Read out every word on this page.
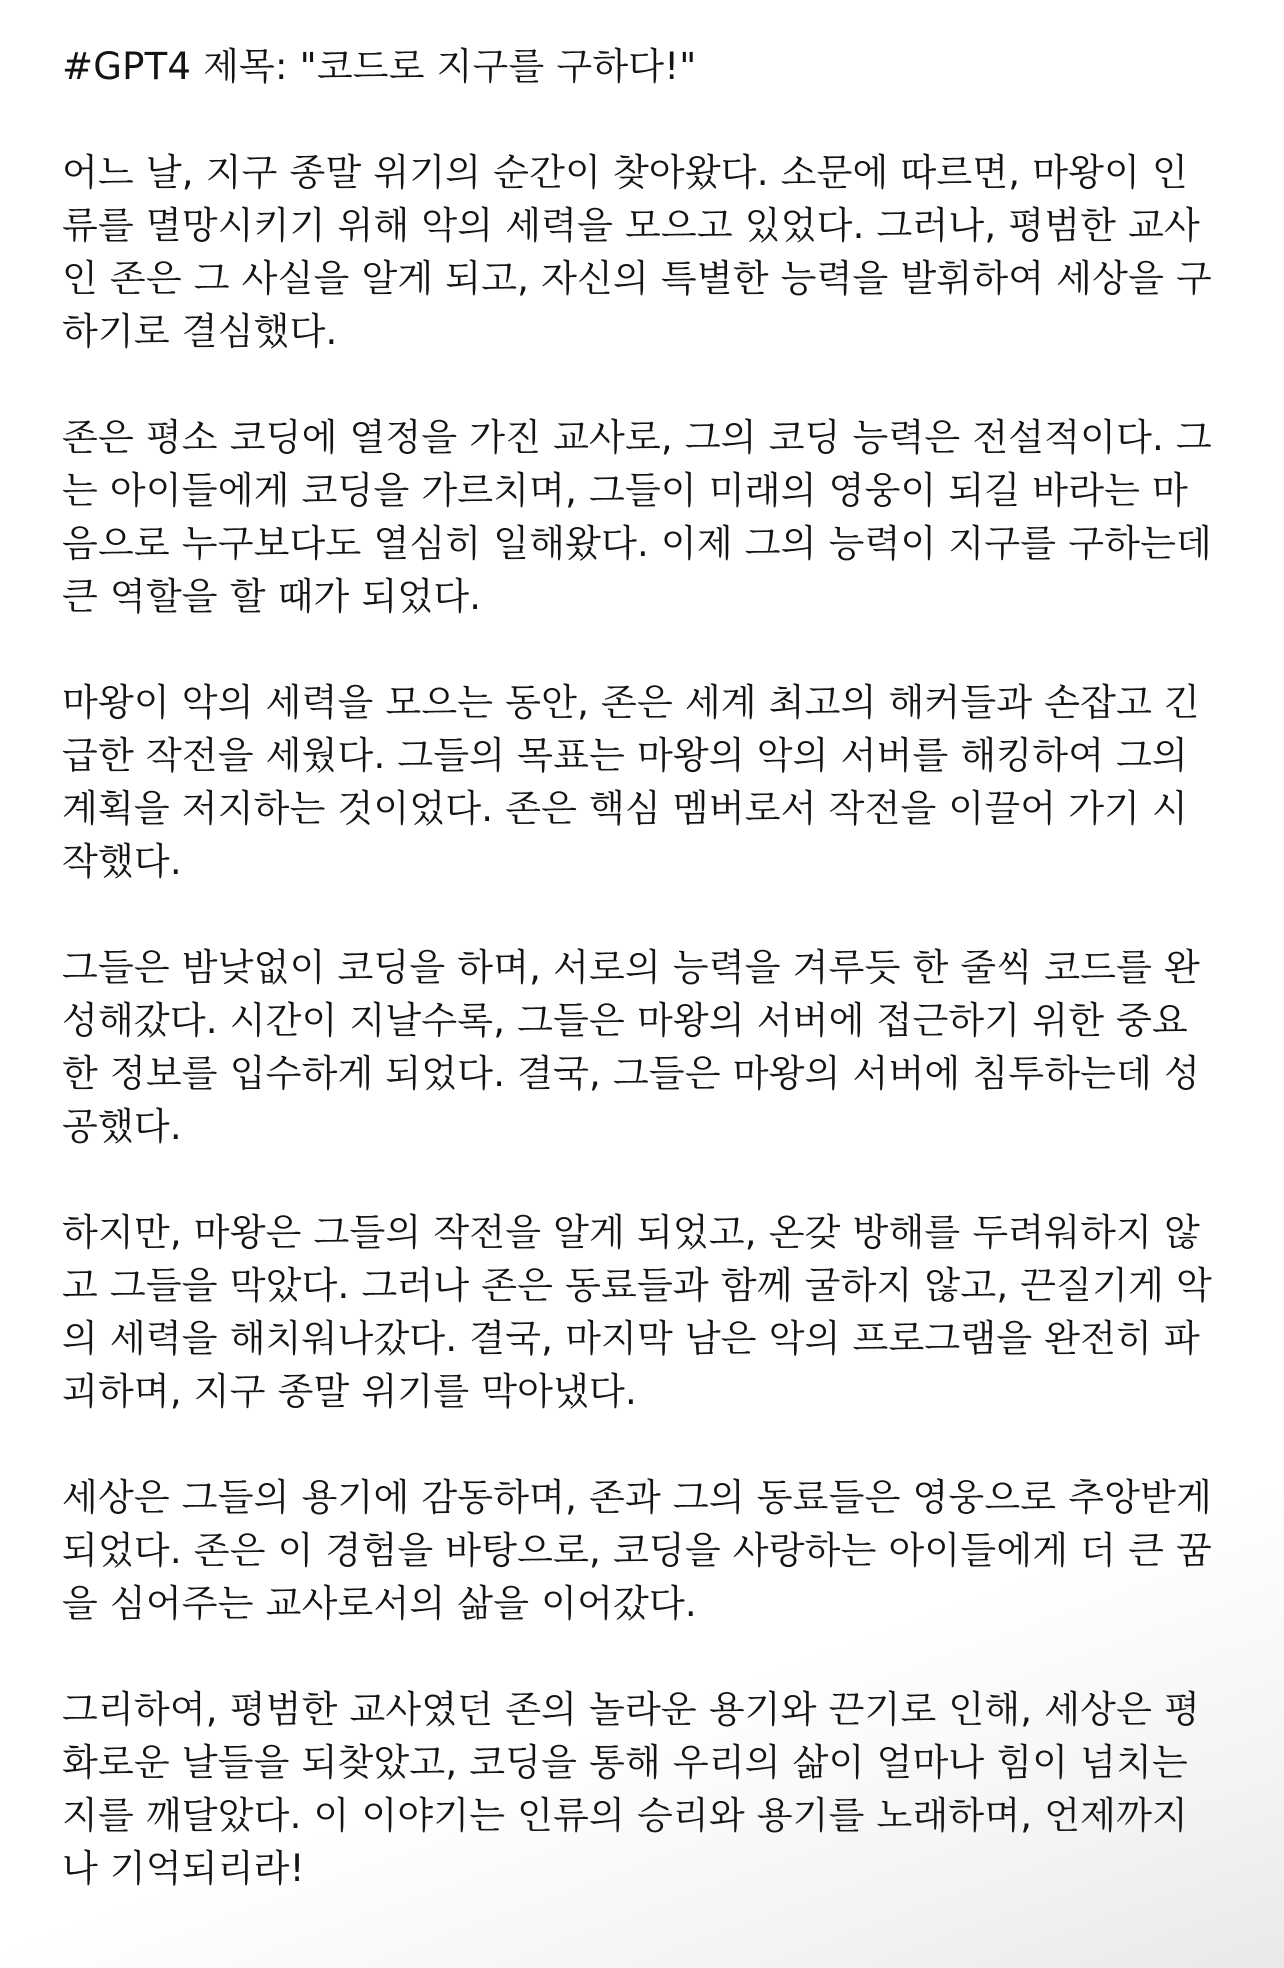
#GPT4 제목: "코드로 지구를 구하다!"

어느 날, 지구 종말 위기의 순간이 찾아왔다. 소문에 따르면, 마왕이 인류를 멸망시키기 위해 악의 세력을 모으고 있었다. 그러나, 평범한 교사인 존은 그 사실을 알게 되고, 자신의 특별한 능력을 발휘하여 세상을 구하기로 결심했다.

존은 평소 코딩에 열정을 가진 교사로, 그의 코딩 능력은 전설적이다. 그는 아이들에게 코딩을 가르치며, 그들이 미래의 영웅이 되길 바라는 마음으로 누구보다도 열심히 일해왔다. 이제 그의 능력이 지구를 구하는데 큰 역할을 할 때가 되었다.

마왕이 악의 세력을 모으는 동안, 존은 세계 최고의 해커들과 손잡고 긴급한 작전을 세웠다. 그들의 목표는 마왕의 악의 서버를 해킹하여 그의 계획을 저지하는 것이었다. 존은 핵심 멤버로서 작전을 이끌어 가기 시작했다.

그들은 밤낮없이 코딩을 하며, 서로의 능력을 겨루듯 한 줄씩 코드를 완성해갔다. 시간이 지날수록, 그들은 마왕의 서버에 접근하기 위한 중요한 정보를 입수하게 되었다. 결국, 그들은 마왕의 서버에 침투하는데 성공했다.

하지만, 마왕은 그들의 작전을 알게 되었고, 온갖 방해를 두려워하지 않고 그들을 막았다. 그러나 존은 동료들과 함께 굴하지 않고, 끈질기게 악의 세력을 해치워나갔다. 결국, 마지막 남은 악의 프로그램을 완전히 파괴하며, 지구 종말 위기를 막아냈다.

세상은 그들의 용기에 감동하며, 존과 그의 동료들은 영웅으로 추앙받게 되었다. 존은 이 경험을 바탕으로, 코딩을 사랑하는 아이들에게 더 큰 꿈을 심어주는 교사로서의 삶을 이어갔다.

그리하여, 평범한 교사였던 존의 놀라운 용기와 끈기로 인해, 세상은 평화로운 날들을 되찾았고, 코딩을 통해 우리의 삶이 얼마나 힘이 넘치는지를 깨달았다. 이 이야기는 인류의 승리와 용기를 노래하며, 언제까지나 기억되리라!
